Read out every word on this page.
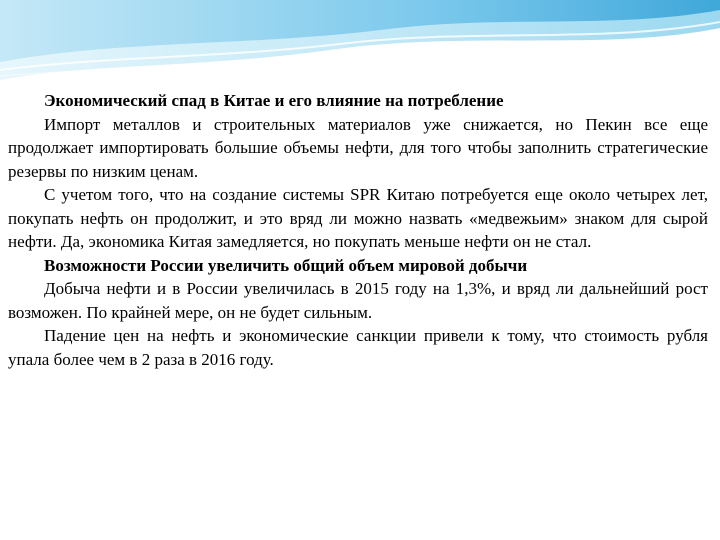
Экономический спад в Китае и его влияние на потребление

Импорт металлов и строительных материалов уже снижается, но Пекин все еще продолжает импортировать большие объемы нефти, для того чтобы заполнить стратегические резервы по низким ценам.

С учетом того, что на создание системы SPR Китаю потребуется еще около четырех лет, покупать нефть он продолжит, и это вряд ли можно назвать «медвежьим» знаком для сырой нефти. Да, экономика Китая замедляется, но покупать меньше нефти он не стал.

Возможности России увеличить общий объем мировой добычи

Добыча нефти и в России увеличилась в 2015 году на 1,3%, и вряд ли дальнейший рост возможен. По крайней мере, он не будет сильным.

Падение цен на нефть и экономические санкции привели к тому, что стоимость рубля упала более чем в 2 раза в 2016 году.
